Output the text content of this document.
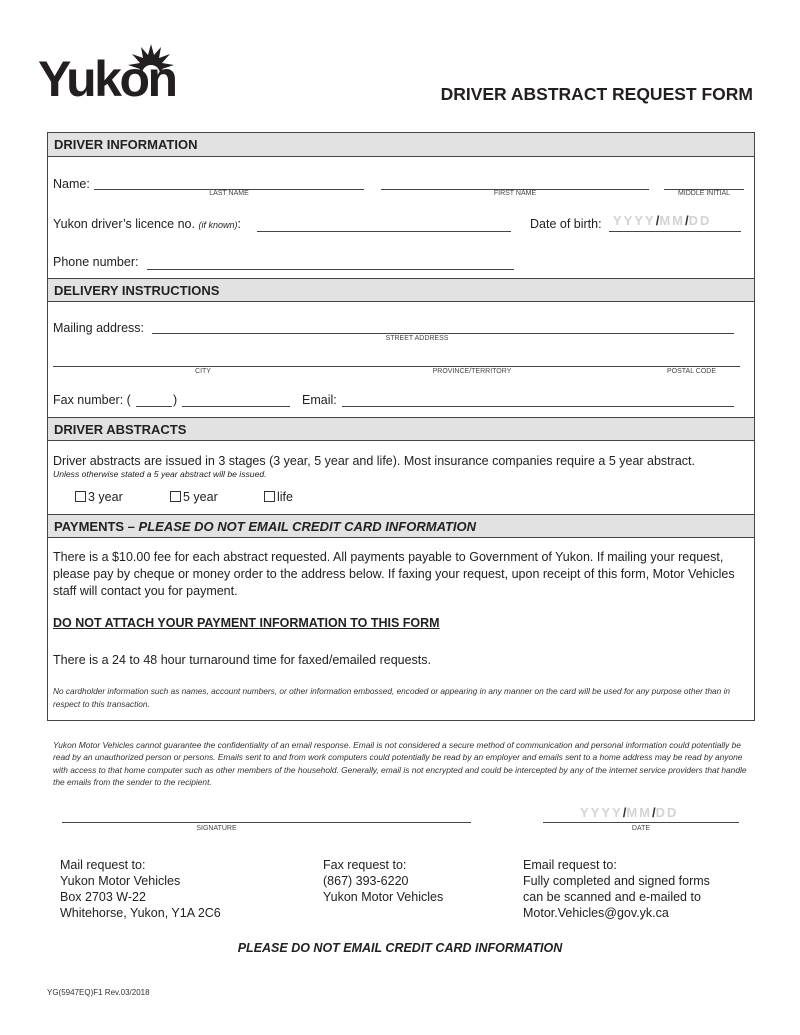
Yukon	DRIVER ABSTRACT REQUEST FORM
DRIVER INFORMATION
Name:
LAST NAME	FIRST NAME	MIDDLE INITIAL
Yukon driver’s licence no. (if known):	Date of birth: YYYY/MM/DD
Phone number:
DELIVERY INSTRUCTIONS
Mailing address:
STREET ADDRESS
CITY	PROVINCE/TERRITORY	POSTAL CODE
Fax number: (	)	Email:
DRIVER ABSTRACTS
Driver abstracts are issued in 3 stages (3 year, 5 year and life). Most insurance companies require a 5 year abstract.
Unless otherwise stated a 5 year abstract will be issued.
3 year	5 year	life
PAYMENTS – PLEASE DO NOT EMAIL CREDIT CARD INFORMATION
There is a $10.00 fee for each abstract requested. All payments payable to Government of Yukon. If mailing your request, please pay by cheque or money order to the address below. If faxing your request, upon receipt of this form, Motor Vehicles staff will contact you for payment.
DO NOT ATTACH YOUR PAYMENT INFORMATION TO THIS FORM
There is a 24 to 48 hour turnaround time for faxed/emailed requests.
No cardholder information such as names, account numbers, or other information embossed, encoded or appearing in any manner on the card will be used for any purpose other than in respect to this transaction.
Yukon Motor Vehicles cannot guarantee the confidentiality of an email response. Email is not considered a secure method of communication and personal information could potentially be read by an unauthorized person or persons. Emails sent to and from work computers could potentially be read by an employer and emails sent to a home address may be read by anyone with access to that home computer such as other members of the household. Generally, email is not encrypted and could be intercepted by any of the internet service providers that handle the emails from the sender to the recipient.
SIGNATURE
YYYY/MM/DD
DATE
Mail request to:
Yukon Motor Vehicles
Box 2703 W-22
Whitehorse, Yukon, Y1A 2C6
Fax request to:
(867) 393-6220
Yukon Motor Vehicles
Email request to:
Fully completed and signed forms
can be scanned and e-mailed to
Motor.Vehicles@gov.yk.ca
PLEASE DO NOT EMAIL CREDIT CARD INFORMATION
YG(5947EQ)F1 Rev.03/2018
